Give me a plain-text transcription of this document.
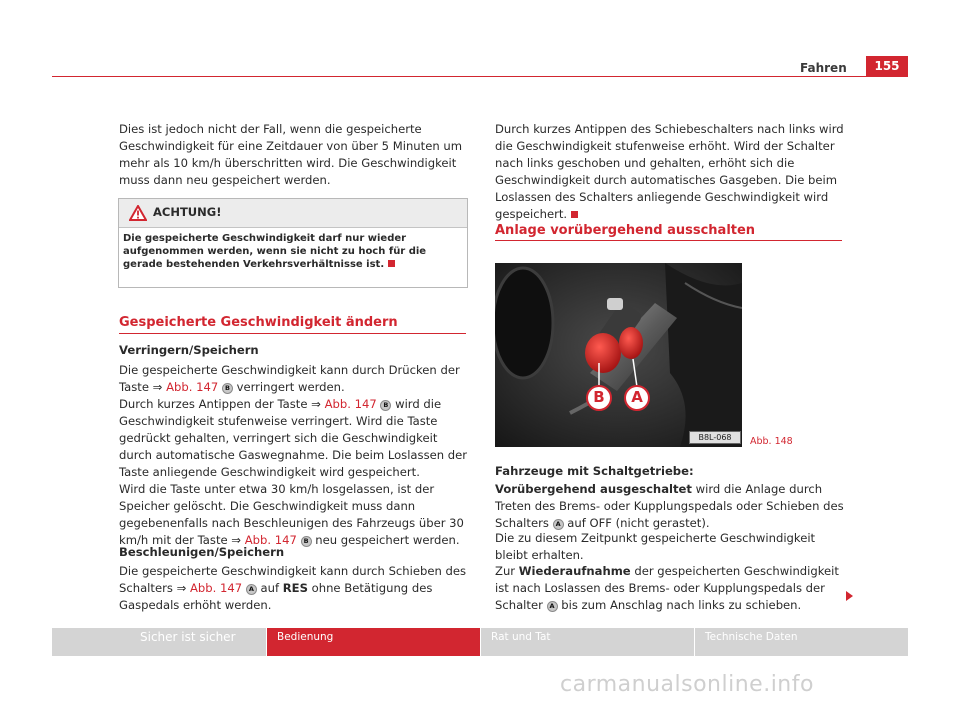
Fahren	155
Dies ist jedoch nicht der Fall, wenn die gespeicherte Geschwindigkeit für eine Zeitdauer von über 5 Minuten um mehr als 10 km/h überschritten wird. Die Geschwindigkeit muss dann neu gespeichert werden.
ACHTUNG!
Die gespeicherte Geschwindigkeit darf nur wieder aufgenommen werden, wenn sie nicht zu hoch für die gerade bestehenden Verkehrsverhältnisse ist.
Gespeicherte Geschwindigkeit ändern
Verringern/Speichern
Die gespeicherte Geschwindigkeit kann durch Drücken der Taste ⇒ Abb. 147 B verringert werden.
Durch kurzes Antippen der Taste ⇒ Abb. 147 B wird die Geschwindigkeit stufenweise verringert. Wird die Taste gedrückt gehalten, verringert sich die Geschwindigkeit durch automatische Gaswegnahme. Die beim Loslassen der Taste anliegende Geschwindigkeit wird gespeichert.
Wird die Taste unter etwa 30 km/h losgelassen, ist der Speicher gelöscht. Die Geschwindigkeit muss dann gegebenenfalls nach Beschleunigen des Fahrzeugs über 30 km/h mit der Taste ⇒ Abb. 147 B neu gespeichert werden.
Beschleunigen/Speichern
Die gespeicherte Geschwindigkeit kann durch Schieben des Schalters ⇒ Abb. 147 A auf RES ohne Betätigung des Gaspedals erhöht werden.
Durch kurzes Antippen des Schiebeschalters nach links wird die Geschwindigkeit stufenweise erhöht. Wird der Schalter nach links geschoben und gehalten, erhöht sich die Geschwindigkeit durch automatisches Gasgeben. Die beim Loslassen des Schalters anliegende Geschwindigkeit wird gespeichert.
Anlage vorübergehend ausschalten
B A
B8L-068	Abb. 148
Fahrzeuge mit Schaltgetriebe:
Vorübergehend ausgeschaltet wird die Anlage durch Treten des Brems- oder Kupplungspedals oder Schieben des Schalters A auf OFF (nicht gerastet).
Die zu diesem Zeitpunkt gespeicherte Geschwindigkeit bleibt erhalten.
Zur Wiederaufnahme der gespeicherten Geschwindigkeit ist nach Loslassen des Brems- oder Kupplungspedals der Schalter A bis zum Anschlag nach links zu schieben.
Sicher ist sicher	Bedienung	Rat und Tat	Technische Daten
carmanualsonline.info
